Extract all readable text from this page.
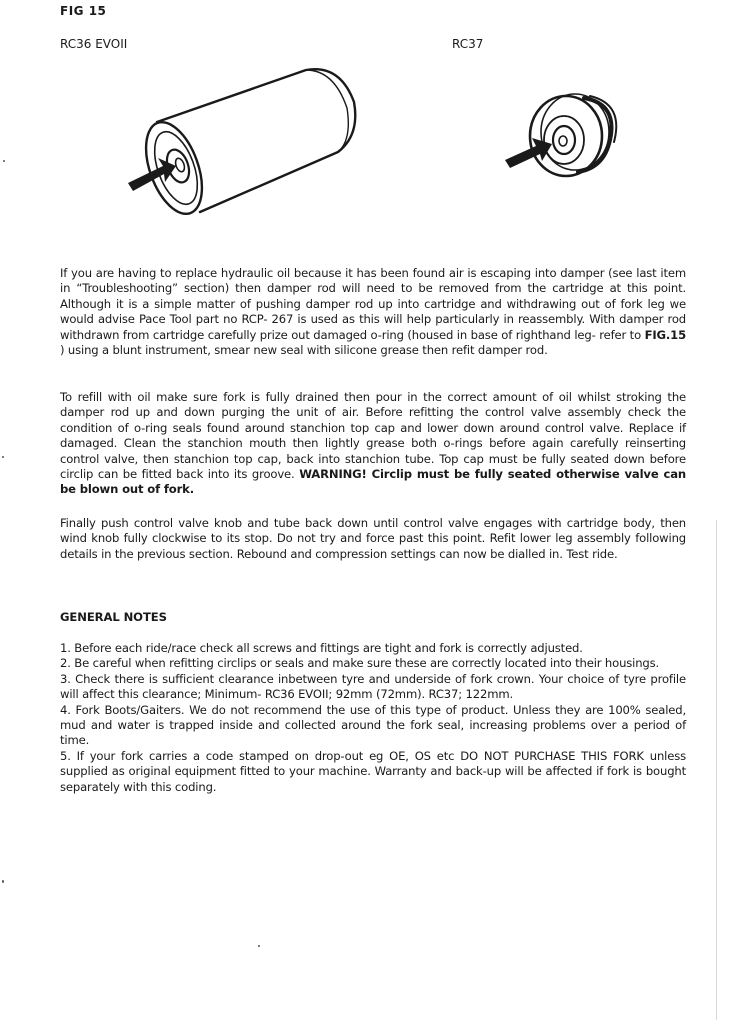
FIG 15
RC36 EVOII	RC37

If you are having to replace hydraulic oil because it has been found air is escaping into damper (see last item in “Troubleshooting” section) then damper rod will need to be removed from the cartridge at this point. Although it is a simple matter of pushing damper rod up into cartridge and withdrawing out of fork leg we would advise Pace Tool part no RCP- 267 is used as this will help particularly in reassembly. With damper rod withdrawn from cartridge carefully prize out damaged o-ring (housed in base of righthand leg- refer to FIG.15 ) using a blunt instrument, smear new seal with silicone grease then refit damper rod.

To refill with oil make sure fork is fully drained then pour in the correct amount of oil whilst stroking the damper rod up and down purging the unit of air. Before refitting the control valve assembly check the condition of o-ring seals found around stanchion top cap and lower down around control valve. Replace if damaged. Clean the stanchion mouth then lightly grease both o-rings before again carefully reinserting control valve, then stanchion top cap, back into stanchion tube. Top cap must be fully seated down before circlip can be fitted back into its groove. WARNING! Circlip must be fully seated otherwise valve can be blown out of fork.

Finally push control valve knob and tube back down until control valve engages with cartridge body, then wind knob fully clockwise to its stop. Do not try and force past this point. Refit lower leg assembly following details in the previous section. Rebound and compression settings can now be dialled in. Test ride.

GENERAL NOTES

1. Before each ride/race check all screws and fittings are tight and fork is correctly adjusted.

2. Be careful when refitting circlips or seals and make sure these are correctly located into their housings.

3. Check there is sufficient clearance inbetween tyre and underside of fork crown. Your choice of tyre profile will affect this clearance; Minimum- RC36 EVOII; 92mm (72mm). RC37; 122mm.

4. Fork Boots/Gaiters. We do not recommend the use of this type of product. Unless they are 100% sealed, mud and water is trapped inside and collected around the fork seal, increasing problems over a period of time.

5. If your fork carries a code stamped on drop-out eg OE, OS etc DO NOT PURCHASE THIS FORK unless supplied as original equipment fitted to your machine. Warranty and back-up will be affected if fork is bought separately with this coding.
